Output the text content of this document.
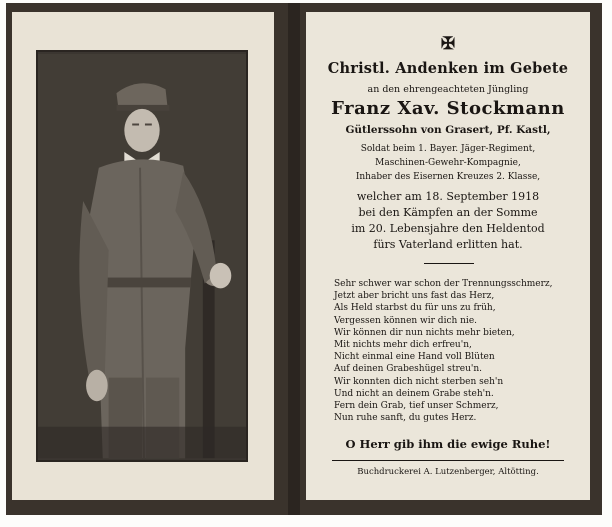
✠
Christl. Andenken im Gebete
an den ehrengeachteten Jüngling
Franz Xav. Stockmann
Gütlerssohn von Grasert, Pf. Kastl,
Soldat beim 1. Bayer. Jäger-Regiment,
Maschinen-Gewehr-Kompagnie,
Inhaber des Eisernen Kreuzes 2. Klasse,
welcher am 18. September 1918
bei den Kämpfen an der Somme
im 20. Lebensjahre den Heldentod
fürs Vaterland erlitten hat.
Sehr schwer war schon der Trennungsschmerz,
Jetzt aber bricht uns fast das Herz,
Als Held starbst du für uns zu früh,
Vergessen können wir dich nie.
Wir können dir nun nichts mehr bieten,
Mit nichts mehr dich erfreu'n,
Nicht einmal eine Hand voll Blüten
Auf deinen Grabeshügel streu'n.
Wir konnten dich nicht sterben seh'n
Und nicht an deinem Grabe steh'n.
Fern dein Grab, tief unser Schmerz,
Nun ruhe sanft, du gutes Herz.
O Herr gib ihm die ewige Ruhe!
Buchdruckerei A. Lutzenberger, Altötting.
